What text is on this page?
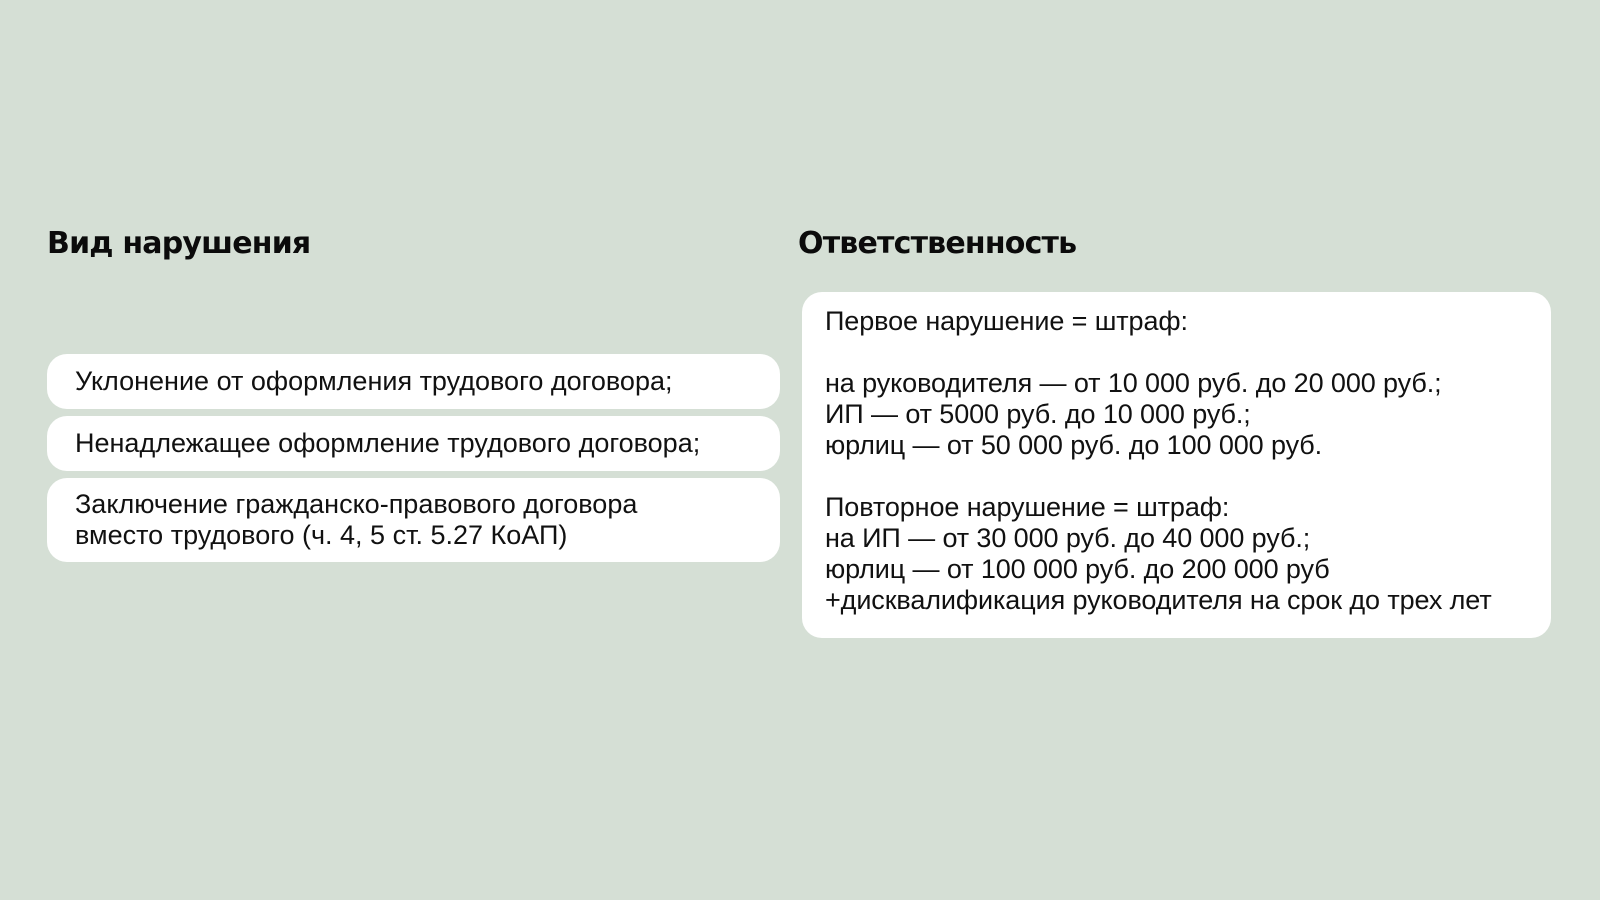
Вид нарушения	Ответственность
Уклонение от оформления трудового договора;
Ненадлежащее оформление трудового договора;
Заключение гражданско-правового договора
вместо трудового (ч. 4, 5 ст. 5.27 КоАП)
Первое нарушение = штраф:
на руководителя — от 10 000 руб. до 20 000 руб.;
ИП — от 5000 руб. до 10 000 руб.;
юрлиц — от 50 000 руб. до 100 000 руб.
Повторное нарушение = штраф:
на ИП — от 30 000 руб. до 40 000 руб.;
юрлиц — от 100 000 руб. до 200 000 руб
+дисквалификация руководителя на срок до трех лет
